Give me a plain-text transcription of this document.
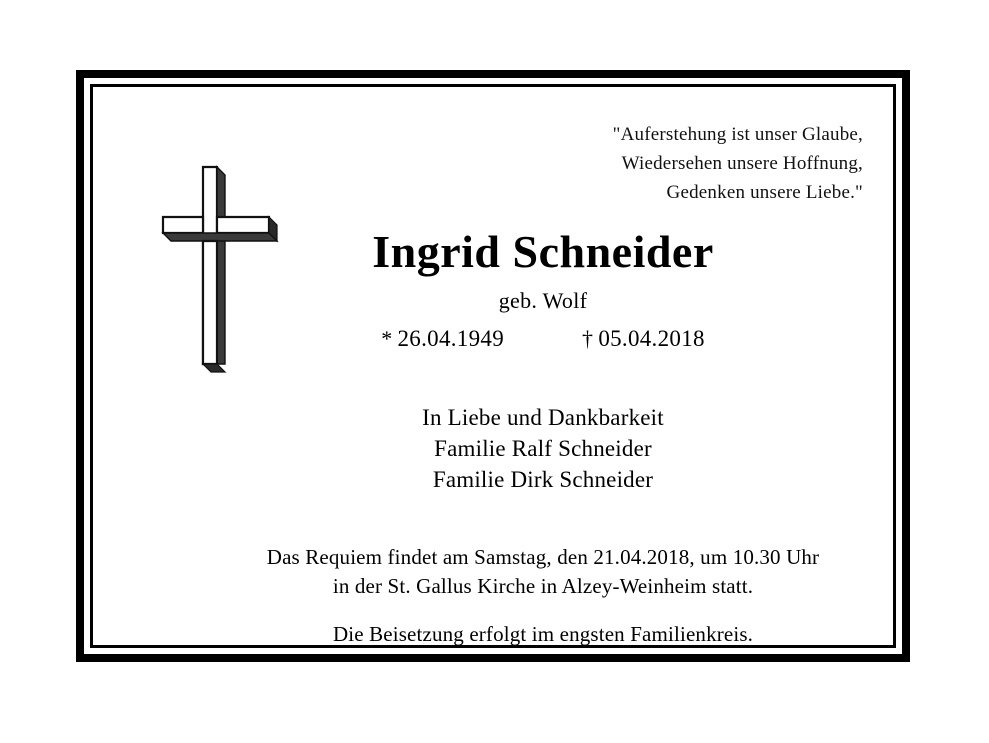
"Auferstehung ist unser Glaube,
Wiedersehen unsere Hoffnung,
Gedenken unsere Liebe."
Ingrid Schneider
geb. Wolf
* 26.04.1949	† 05.04.2018
In Liebe und Dankbarkeit
Familie Ralf Schneider
Familie Dirk Schneider
Das Requiem findet am Samstag, den 21.04.2018, um 10.30 Uhr
in der St. Gallus Kirche in Alzey-Weinheim statt.
Die Beisetzung erfolgt im engsten Familienkreis.
